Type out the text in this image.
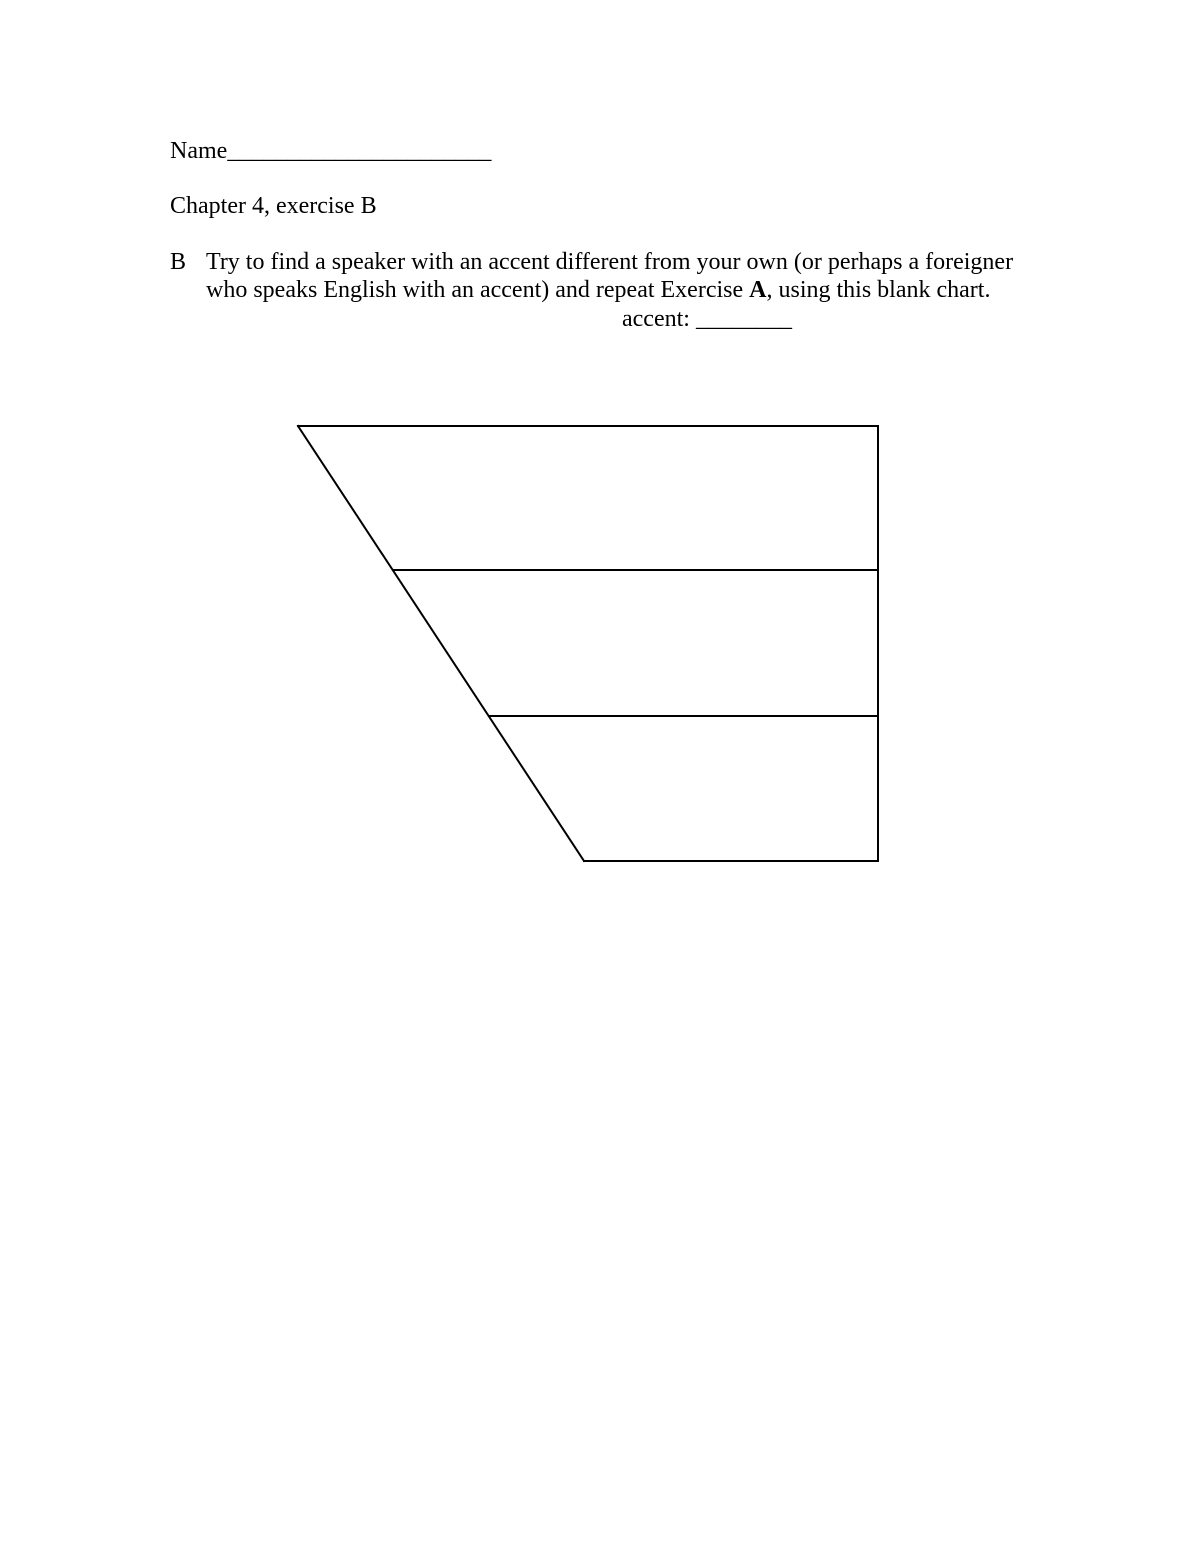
Name______________________
Chapter 4, exercise B
B Try to find a speaker with an accent different from your own (or perhaps a foreigner
who speaks English with an accent) and repeat Exercise A, using this blank chart.
accent: ________
